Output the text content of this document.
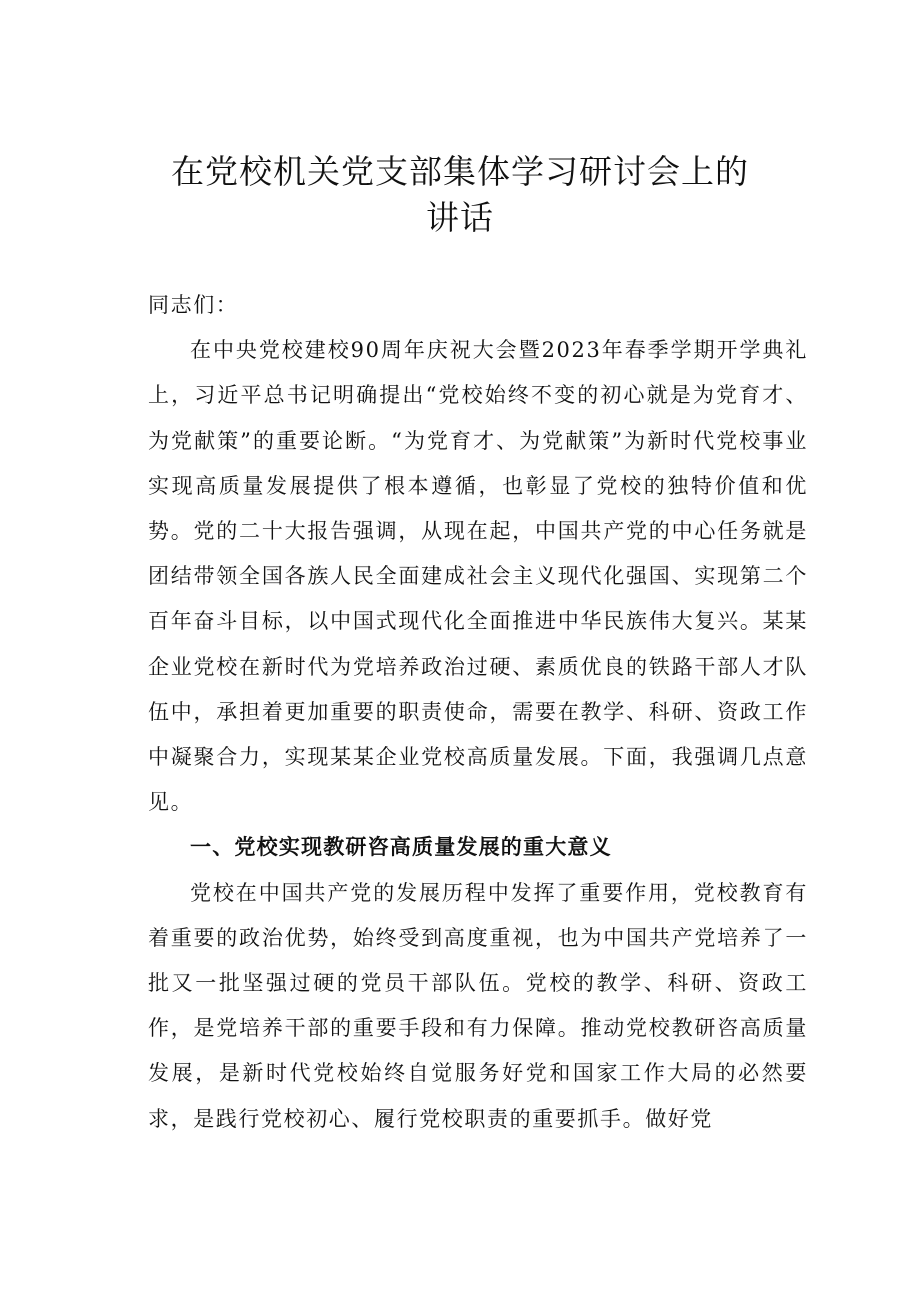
在党校机关党支部集体学习研讨会上的
讲话

同志们：

在中央党校建校90周年庆祝大会暨2023年春季学期开学典礼上，习近平总书记明确提出“党校始终不变的初心就是为党育才、为党献策”的重要论断。“为党育才、为党献策”为新时代党校事业实现高质量发展提供了根本遵循，也彰显了党校的独特价值和优势。党的二十大报告强调，从现在起，中国共产党的中心任务就是团结带领全国各族人民全面建成社会主义现代化强国、实现第二个百年奋斗目标，以中国式现代化全面推进中华民族伟大复兴。某某企业党校在新时代为党培养政治过硬、素质优良的铁路干部人才队伍中，承担着更加重要的职责使命，需要在教学、科研、资政工作中凝聚合力，实现某某企业党校高质量发展。下面，我强调几点意见。

一、党校实现教研咨高质量发展的重大意义

党校在中国共产党的发展历程中发挥了重要作用，党校教育有着重要的政治优势，始终受到高度重视，也为中国共产党培养了一批又一批坚强过硬的党员干部队伍。党校的教学、科研、资政工作，是党培养干部的重要手段和有力保障。推动党校教研咨高质量发展，是新时代党校始终自觉服务好党和国家工作大局的必然要求，是践行党校初心、履行党校职责的重要抓手。做好党
